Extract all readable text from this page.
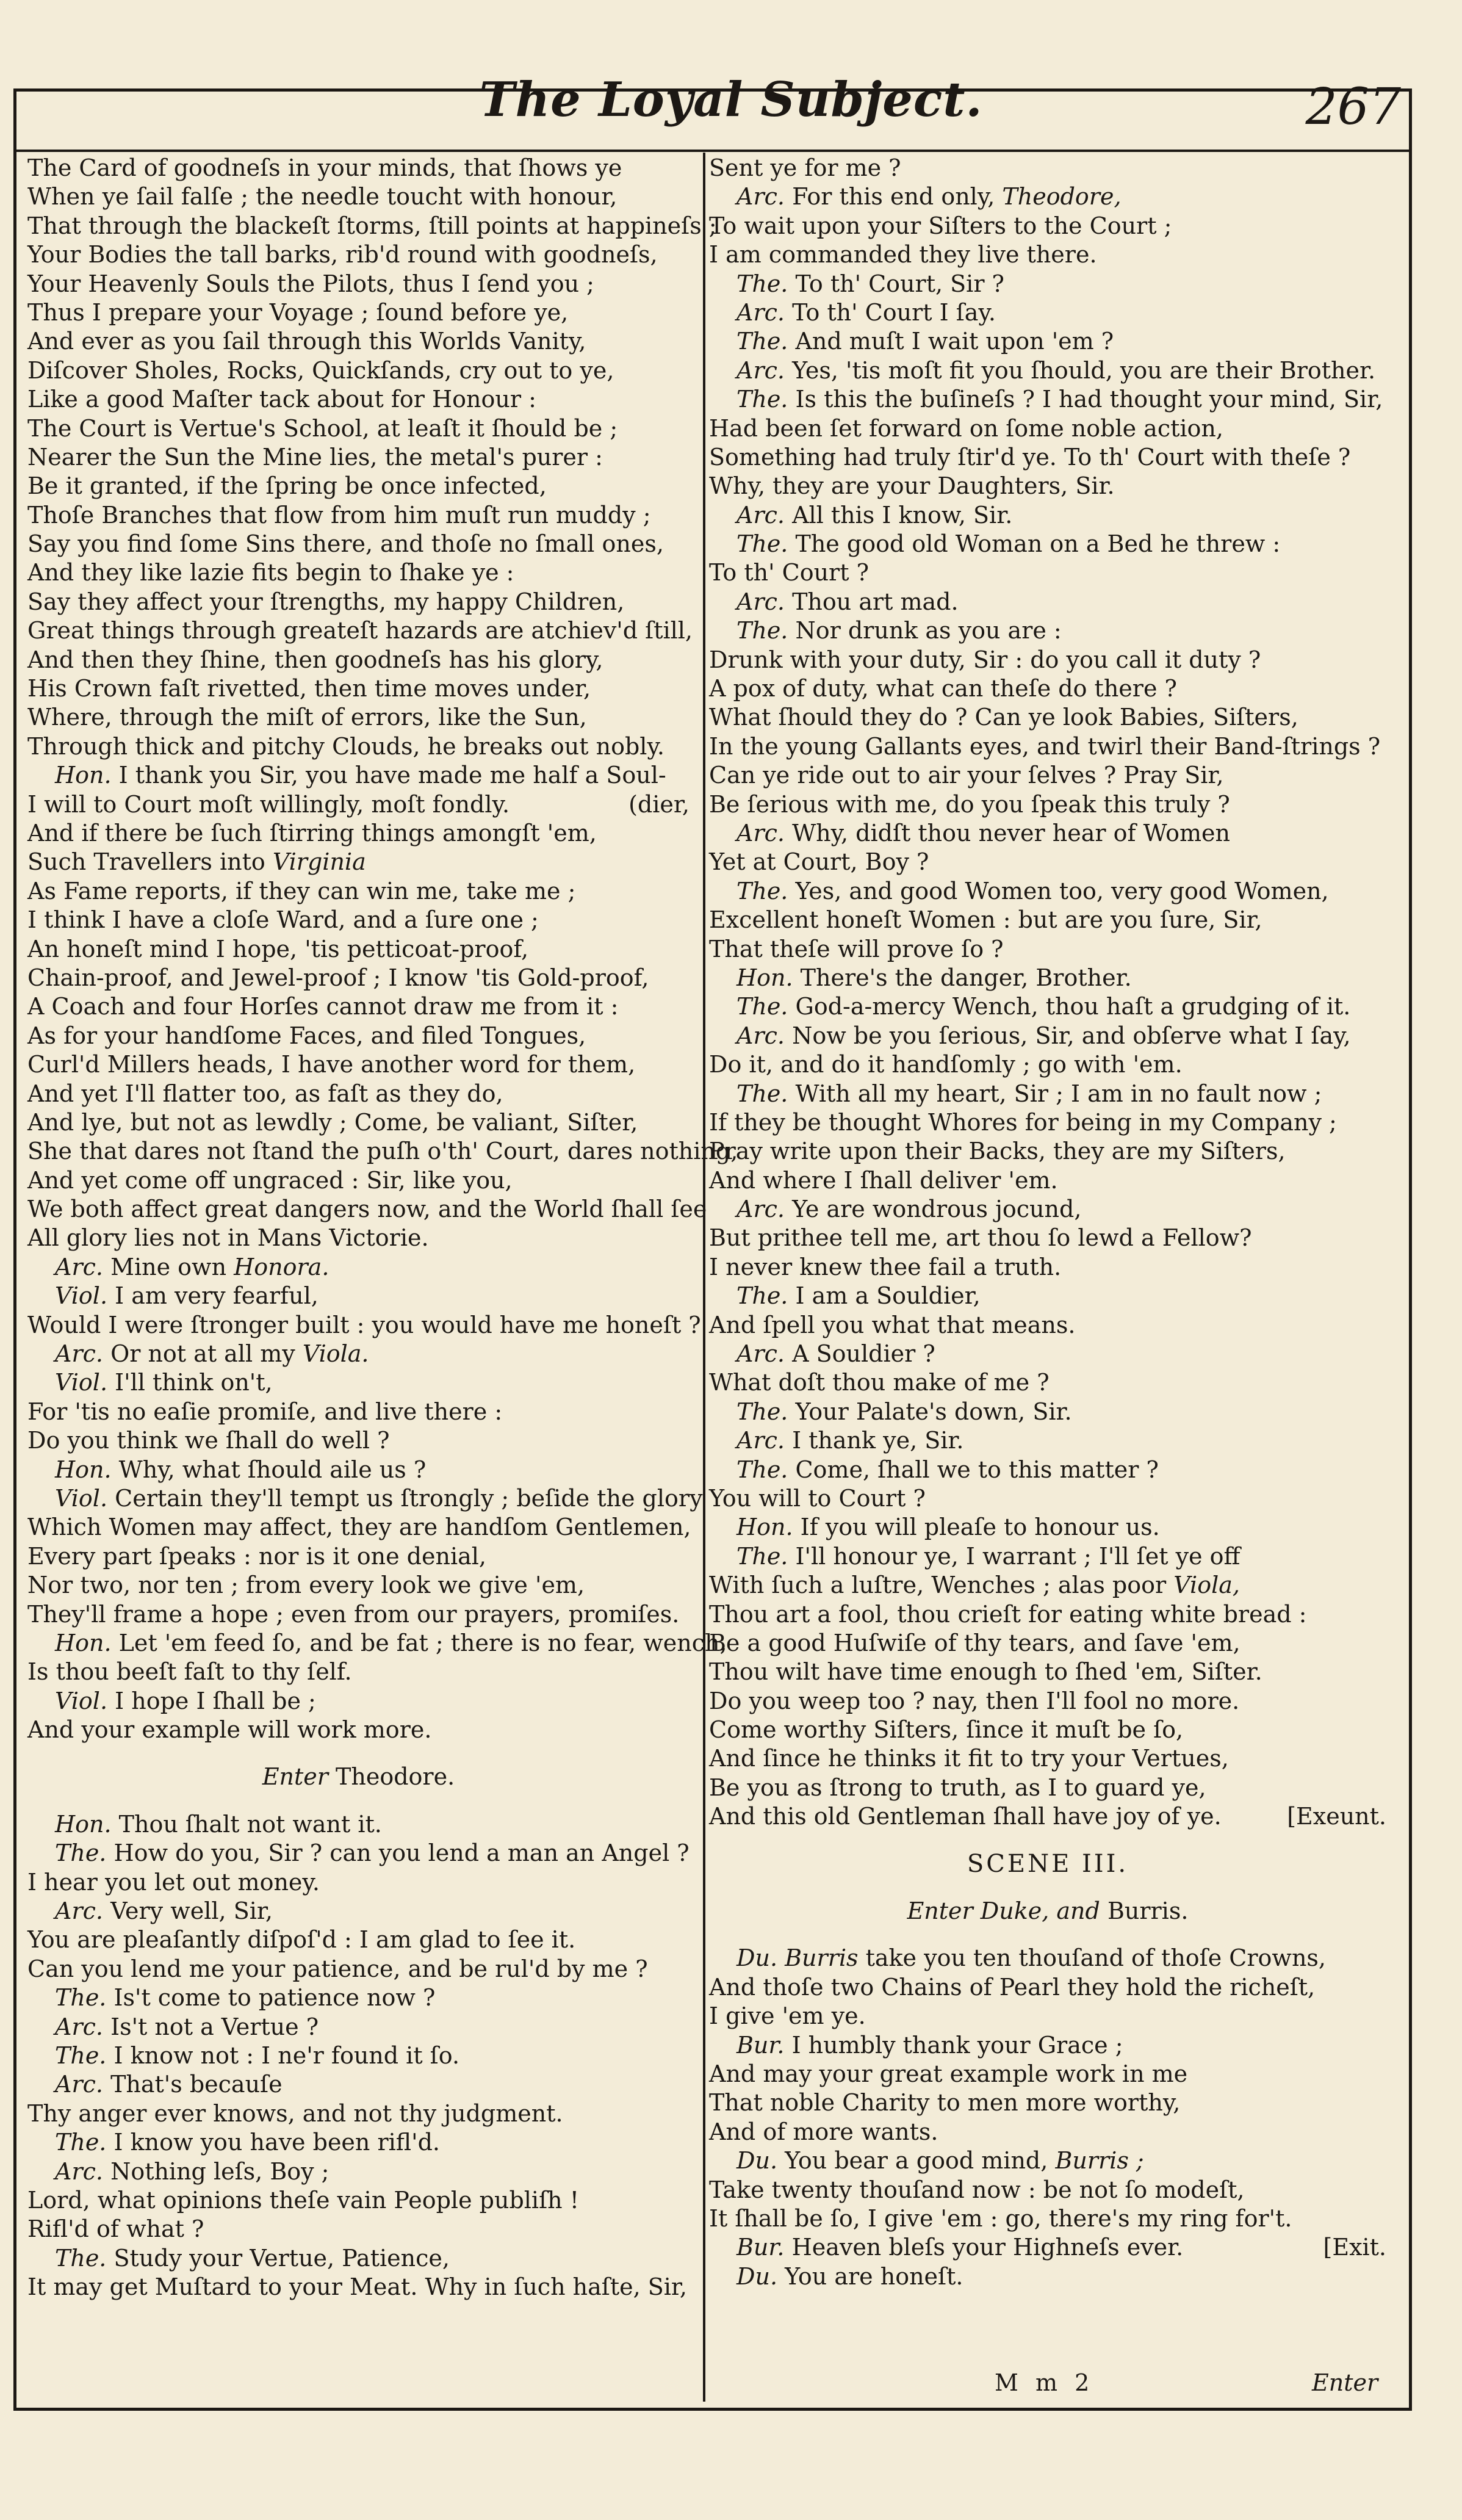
The Loyal Subject.	267
The Card of goodneſs in your minds, that ſhows ye
When ye ſail falſe ; the needle toucht with honour,
That through the blackeſt ſtorms, ſtill points at happineſs ;
Your Bodies the tall barks, rib'd round with goodneſs,
Your Heavenly Souls the Pilots, thus I ſend you ;
Thus I prepare your Voyage ; ſound before ye,
And ever as you ſail through this Worlds Vanity,
Diſcover Sholes, Rocks, Quickſands, cry out to ye,
Like a good Maſter tack about for Honour :
The Court is Vertue's School, at leaſt it ſhould be ;
Nearer the Sun the Mine lies, the metal's purer :
Be it granted, if the ſpring be once infected,
Thoſe Branches that flow from him muſt run muddy ;
Say you find ſome Sins there, and thoſe no ſmall ones,
And they like lazie fits begin to ſhake ye :
Say they affect your ſtrengths, my happy Children,
Great things through greateſt hazards are atchiev'd ſtill,
And then they ſhine, then goodneſs has his glory,
His Crown faſt rivetted, then time moves under,
Where, through the miſt of errors, like the Sun,
Through thick and pitchy Clouds, he breaks out nobly.
Hon. I thank you Sir, you have made me half a Soul-
(dier,
I will to Court moſt willingly, moſt fondly.
And if there be ſuch ſtirring things amongſt 'em,
Such Travellers into Virginia
As Fame reports, if they can win me, take me ;
I think I have a cloſe Ward, and a ſure one ;
An honeſt mind I hope, 'tis petticoat-proof,
Chain-proof, and Jewel-proof ; I know 'tis Gold-proof,
A Coach and four Horſes cannot draw me from it :
As for your handſome Faces, and filed Tongues,
Curl'd Millers heads, I have another word for them,
And yet I'll flatter too, as faſt as they do,
And lye, but not as lewdly ; Come, be valiant, Siſter,
She that dares not ſtand the puſh o'th' Court, dares nothing,
And yet come off ungraced : Sir, like you,
We both affect great dangers now, and the World ſhall ſee
All glory lies not in Mans Victorie.
Arc. Mine own Honora.
Viol. I am very fearful,
Would I were ſtronger built : you would have me honeſt ?
Arc. Or not at all my Viola.
Viol. I'll think on't,
For 'tis no eaſie promiſe, and live there :
Do you think we ſhall do well ?
Hon. Why, what ſhould aile us ?
Viol. Certain they'll tempt us ſtrongly ; beſide the glory
Which Women may affect, they are handſom Gentlemen,
Every part ſpeaks : nor is it one denial,
Nor two, nor ten ; from every look we give 'em,
They'll frame a hope ; even from our prayers, promiſes.
Hon. Let 'em feed ſo, and be fat ; there is no fear, wench,
Is thou beeſt faſt to thy ſelf.
Viol. I hope I ſhall be ;
And your example will work more.
Enter Theodore.
Hon. Thou ſhalt not want it.
The. How do you, Sir ? can you lend a man an Angel ?
I hear you let out money.
Arc. Very well, Sir,
You are pleaſantly diſpoſ'd : I am glad to ſee it.
Can you lend me your patience, and be rul'd by me ?
The. Is't come to patience now ?
Arc. Is't not a Vertue ?
The. I know not : I ne'r found it ſo.
Arc. That's becauſe
Thy anger ever knows, and not thy judgment.
The. I know you have been rifl'd.
Arc. Nothing leſs, Boy ;
Lord, what opinions theſe vain People publiſh !
Rifl'd of what ?
The. Study your Vertue, Patience,
It may get Muſtard to your Meat. Why in ſuch haſte, Sir,
Sent ye for me ?
Arc. For this end only, Theodore,
To wait upon your Siſters to the Court ;
I am commanded they live there.
The. To th' Court, Sir ?
Arc. To th' Court I ſay.
The. And muſt I wait upon 'em ?
Arc. Yes, 'tis moſt fit you ſhould, you are their Brother.
The. Is this the buſineſs ? I had thought your mind, Sir,
Had been ſet forward on ſome noble action,
Something had truly ſtir'd ye. To th' Court with theſe ?
Why, they are your Daughters, Sir.
Arc. All this I know, Sir.
The. The good old Woman on a Bed he threw :
To th' Court ?
Arc. Thou art mad.
The. Nor drunk as you are :
Drunk with your duty, Sir : do you call it duty ?
A pox of duty, what can theſe do there ?
What ſhould they do ? Can ye look Babies, Siſters,
In the young Gallants eyes, and twirl their Band-ſtrings ?
Can ye ride out to air your ſelves ? Pray Sir,
Be ſerious with me, do you ſpeak this truly ?
Arc. Why, didſt thou never hear of Women
Yet at Court, Boy ?
The. Yes, and good Women too, very good Women,
Excellent honeſt Women : but are you ſure, Sir,
That theſe will prove ſo ?
Hon. There's the danger, Brother.
The. God-a-mercy Wench, thou haſt a grudging of it.
Arc. Now be you ſerious, Sir, and obſerve what I ſay,
Do it, and do it handſomly ; go with 'em.
The. With all my heart, Sir ; I am in no fault now ;
If they be thought Whores for being in my Company ;
Pray write upon their Backs, they are my Siſters,
And where I ſhall deliver 'em.
Arc. Ye are wondrous jocund,
But prithee tell me, art thou ſo lewd a Fellow?
I never knew thee fail a truth.
The. I am a Souldier,
And ſpell you what that means.
Arc. A Souldier ?
What doſt thou make of me ?
The. Your Palate's down, Sir.
Arc. I thank ye, Sir.
The. Come, ſhall we to this matter ?
You will to Court ?
Hon. If you will pleaſe to honour us.
The. I'll honour ye, I warrant ; I'll ſet ye off
With ſuch a luſtre, Wenches ; alas poor Viola,
Thou art a fool, thou crieſt for eating white bread :
Be a good Huſwiſe of thy tears, and ſave 'em,
Thou wilt have time enough to ſhed 'em, Siſter.
Do you weep too ? nay, then I'll fool no more.
Come worthy Siſters, ſince it muſt be ſo,
And ſince he thinks it fit to try your Vertues,
Be you as ſtrong to truth, as I to guard ye,
[Exeunt.
And this old Gentleman ſhall have joy of ye.
SCENE III.
Enter Duke, and Burris.
Du. Burris take you ten thouſand of thoſe Crowns,
And thoſe two Chains of Pearl they hold the richeſt,
I give 'em ye.
Bur. I humbly thank your Grace ;
And may your great example work in me
That noble Charity to men more worthy,
And of more wants.
Du. You bear a good mind, Burris ;
Take twenty thouſand now : be not ſo modeſt,
It ſhall be ſo, I give 'em : go, there's my ring for't.
[Exit.
Bur. Heaven bleſs your Highneſs ever.
Du. You are honeſt.
M m 2	Enter
